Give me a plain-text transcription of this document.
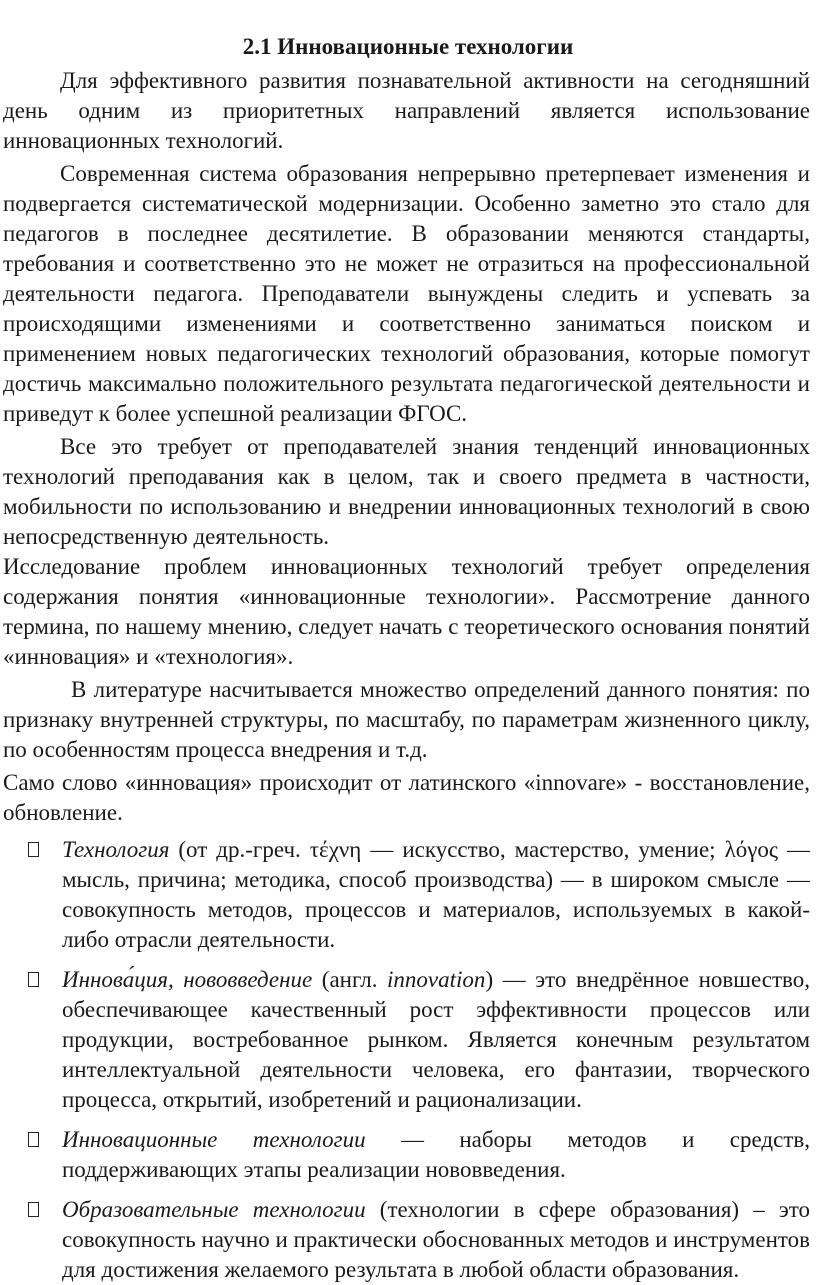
2.1 Инновационные технологии

Для эффективного развития познавательной активности на сегодняшний день одним из приоритетных направлений является использование инновационных технологий.

Современная система образования непрерывно претерпевает изменения и подвергается систематической модернизации. Особенно заметно это стало для педагогов в последнее десятилетие. В образовании меняются стандарты, требования и соответственно это не может не отразиться на профессиональной деятельности педагога. Преподаватели вынуждены следить и успевать за происходящими изменениями и соответственно заниматься поиском и применением новых педагогических технологий образования, которые помогут достичь максимально положительного результата педагогической деятельности и приведут к более успешной реализации ФГОС.

Все это требует от преподавателей знания тенденций инновационных технологий преподавания как в целом, так и своего предмета в частности, мобильности по использованию и внедрении инновационных технологий в свою непосредственную деятельность.

Исследование проблем инновационных технологий требует определения содержания понятия «инновационные технологии». Рассмотрение данного термина, по нашему мнению, следует начать с теоретического основания понятий «инновация» и «технология».

В литературе насчитывается множество определений данного понятия: по признаку внутренней структуры, по масштабу, по параметрам жизненного циклу, по особенностям процесса внедрения и т.д.

Само слово «инновация» происходит от латинского «innovare» - восстановление, обновление.

Технология (от др.-греч. τέχνη — искусство, мастерство, умение; λόγος — мысль, причина; методика, способ производства) — в широком смысле — совокупность методов, процессов и материалов, используемых в какой-либо отрасли деятельности.
Иннова́ция, нововведение (англ. innovation) — это внедрённое новшество, обеспечивающее качественный рост эффективности процессов или продукции, востребованное рынком. Является конечным результатом интеллектуальной деятельности человека, его фантазии, творческого процесса, открытий, изобретений и рационализации.
Инновационные технологии — наборы методов и средств, поддерживающих этапы реализации нововведения.
Образовательные технологии (технологии в сфере образования) – это совокупность научно и практически обоснованных методов и инструментов для достижения желаемого результата в любой области образования.
